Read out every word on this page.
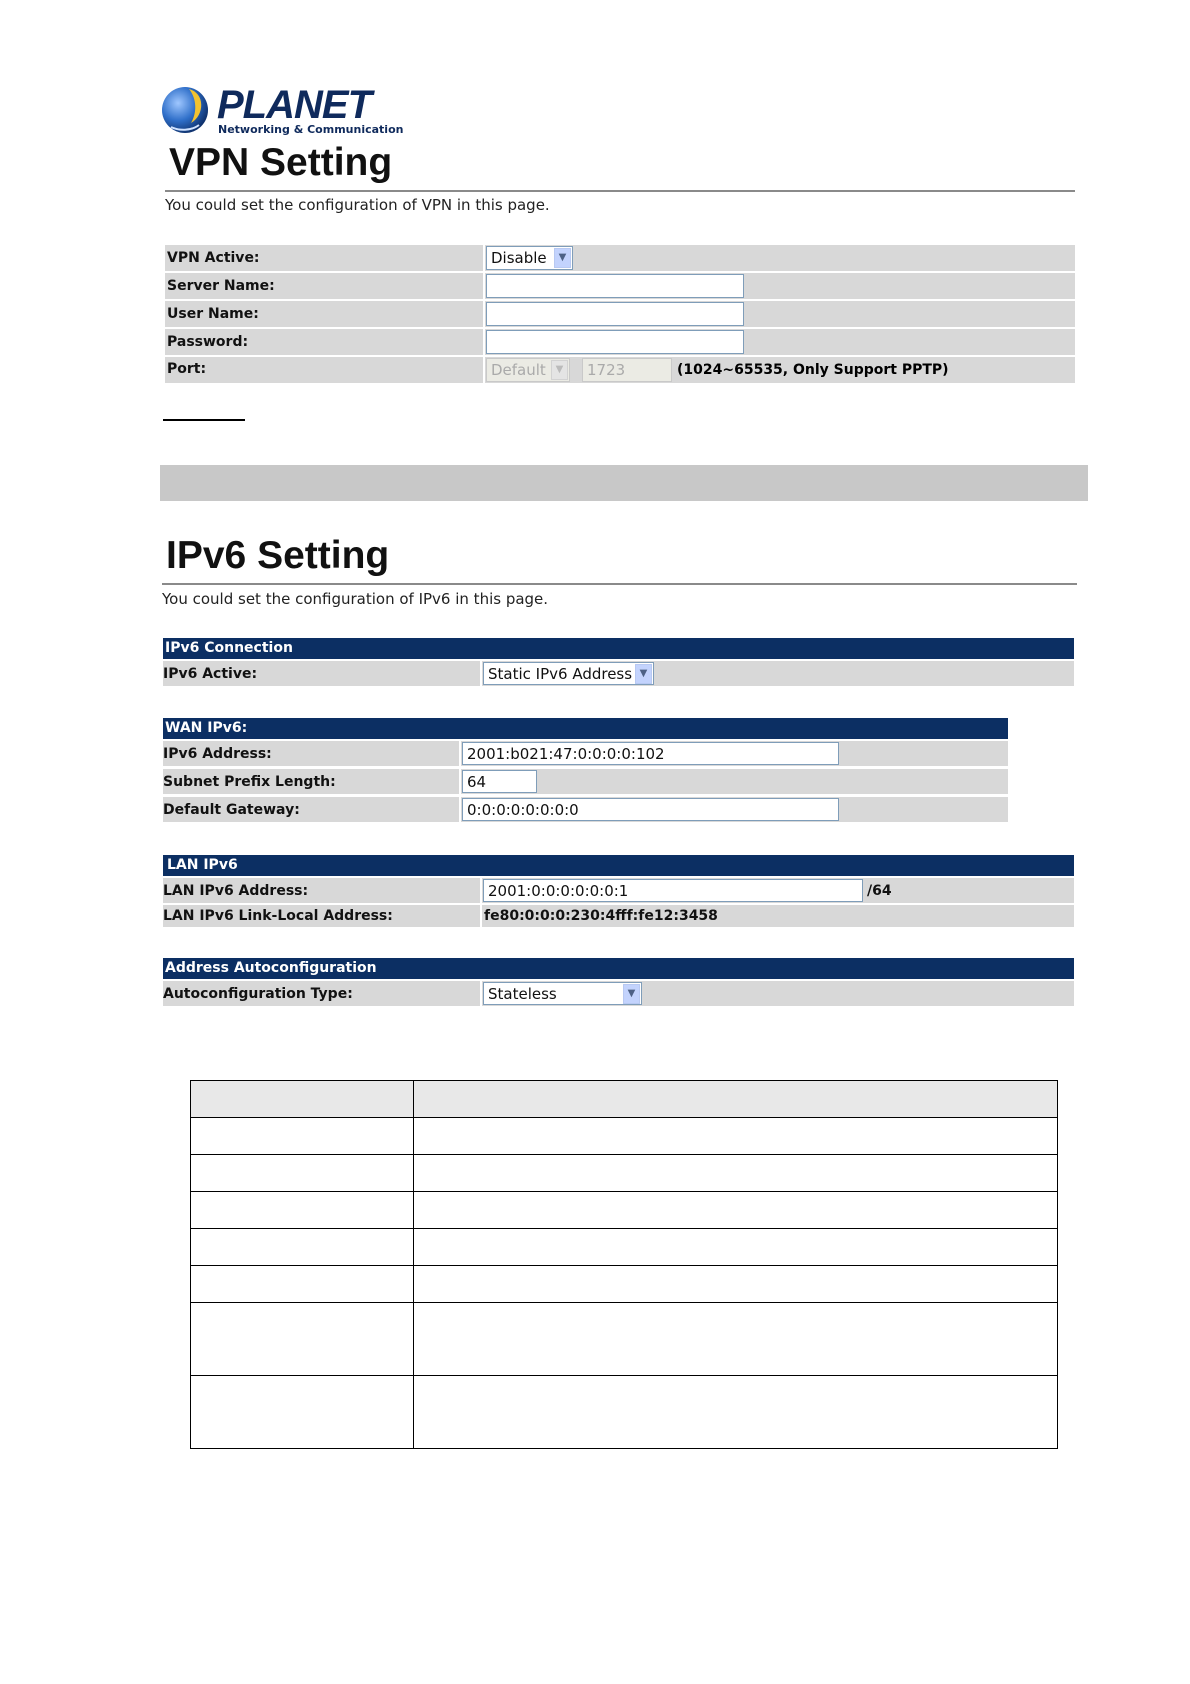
PLANET
Networking & Communication
VPN Setting
You could set the configuration of VPN in this page.
VPN Active:	Disable	▼
Server Name:
User Name:
Password:
Port:	Default ▼	1723	(1024~65535, Only Support PPTP)
IPv6 Setting
You could set the configuration of IPv6 in this page.
IPv6 Connection
IPv6 Active:	Static IPv6 Address ▼
WAN IPv6:
IPv6 Address:	2001:b021:47:0:0:0:0:102
Subnet Prefix Length:	64
Default Gateway:	0:0:0:0:0:0:0:0
LAN IPv6
LAN IPv6 Address:	2001:0:0:0:0:0:0:1	/64
LAN IPv6 Link-Local Address:	fe80:0:0:0:230:4fff:fe12:3458
Address Autoconfiguration
Autoconfiguration Type:	Stateless	▼
